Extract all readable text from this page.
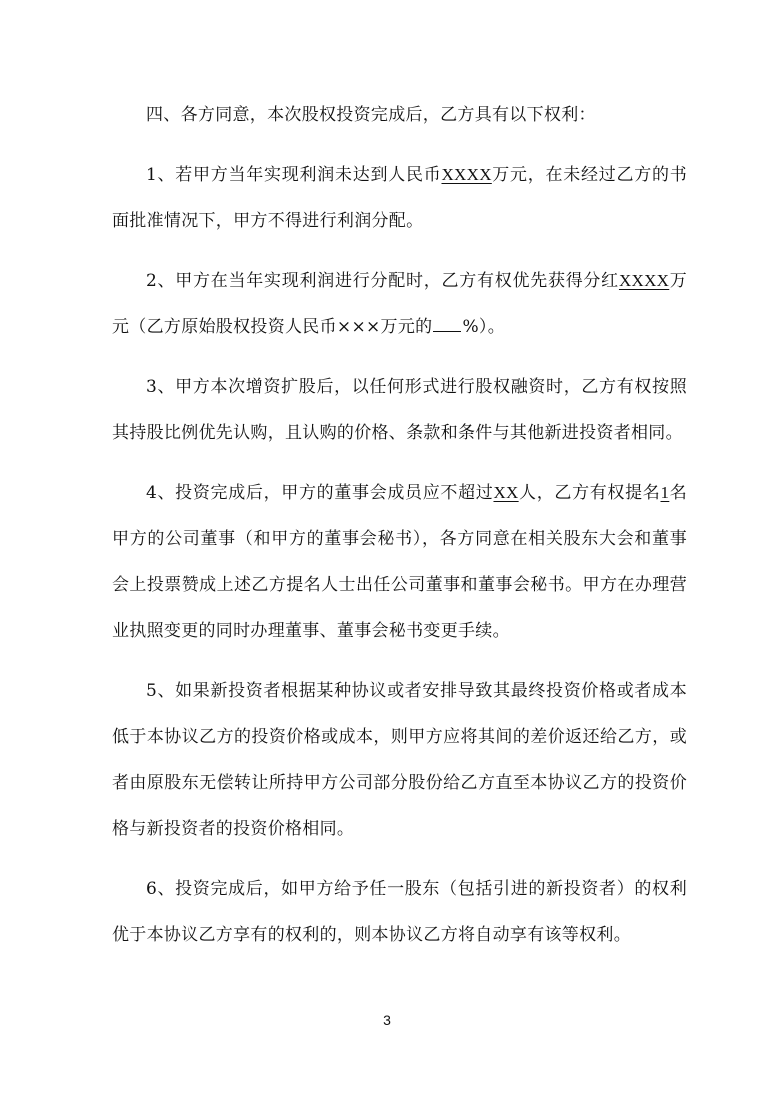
四、各方同意，本次股权投资完成后，乙方具有以下权利：

1、若甲方当年实现利润未达到人民币XXXX万元，在未经过乙方的书面批准情况下，甲方不得进行利润分配。

2、甲方在当年实现利润进行分配时，乙方有权优先获得分红XXXX万元（乙方原始股权投资人民币×××万元的 %）。

3、甲方本次增资扩股后，以任何形式进行股权融资时，乙方有权按照其持股比例优先认购，且认购的价格、条款和条件与其他新进投资者相同。

4、投资完成后，甲方的董事会成员应不超过XX人，乙方有权提名1名甲方的公司董事（和甲方的董事会秘书），各方同意在相关股东大会和董事会上投票赞成上述乙方提名人士出任公司董事和董事会秘书。甲方在办理营业执照变更的同时办理董事、董事会秘书变更手续。

5、如果新投资者根据某种协议或者安排导致其最终投资价格或者成本低于本协议乙方的投资价格或成本，则甲方应将其间的差价返还给乙方，或者由原股东无偿转让所持甲方公司部分股份给乙方直至本协议乙方的投资价格与新投资者的投资价格相同。

6、投资完成后，如甲方给予任一股东（包括引进的新投资者）的权利优于本协议乙方享有的权利的，则本协议乙方将自动享有该等权利。

3
